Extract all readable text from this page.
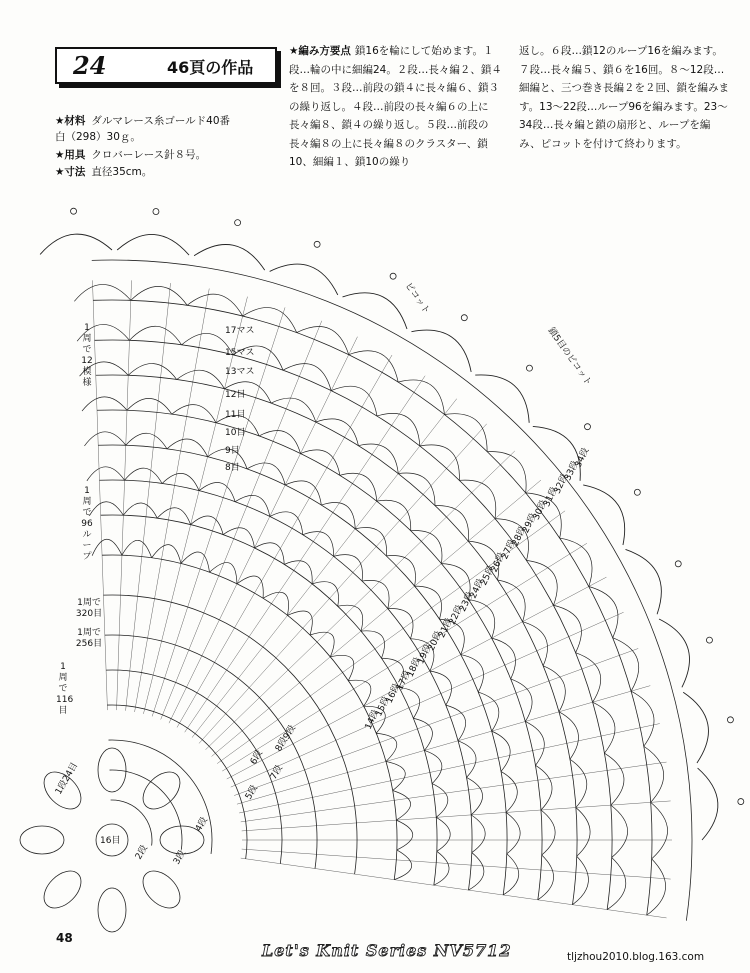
24	46頁の作品
★材料 ダルマレース糸ゴールド40番
白（298）30ｇ。
★用具 クロバーレース針８号。
★寸法 直径35cm。
★編み方要点 鎖16を輪にして始めます。１段…輪の中に細編24。２段…長々編２、鎖４を８回。３段…前段の鎖４に長々編６、鎖３の繰り返し。４段…前段の長々編６の上に長々編８、鎖４の繰り返し。５段…前段の長々編８の上に長々編８のクラスター、鎖10、細編１、鎖10の繰り
返し。６段…鎖12のループ16を編みます。７段…長々編５、鎖６を16回。８〜12段…細編と、三つ巻き長編２を２回、鎖を編みます。13〜22段…ループ96を編みます。23〜34段…長々編と鎖の扇形と、ループを編み、ピコットを付けて終わります。
16目
17マス
15マス
13マス
12目
11目
10目
9目
8目	34段
33段
32段
31段
30段
29段
28段
27段
26段
25段
24段
23段
22段
21段
20段
19段
18段
17段
16段
15段
14段
1段24目
2段 3段
4段
5段
6段
7段
8段
9段
鎖5目のピコット
ピコット
1周で12模様
1周で96ループ
1周で320目
1周で256目
1周で116目
48
Let's Knit Series NV5712	tljzhou2010.blog.163.com
